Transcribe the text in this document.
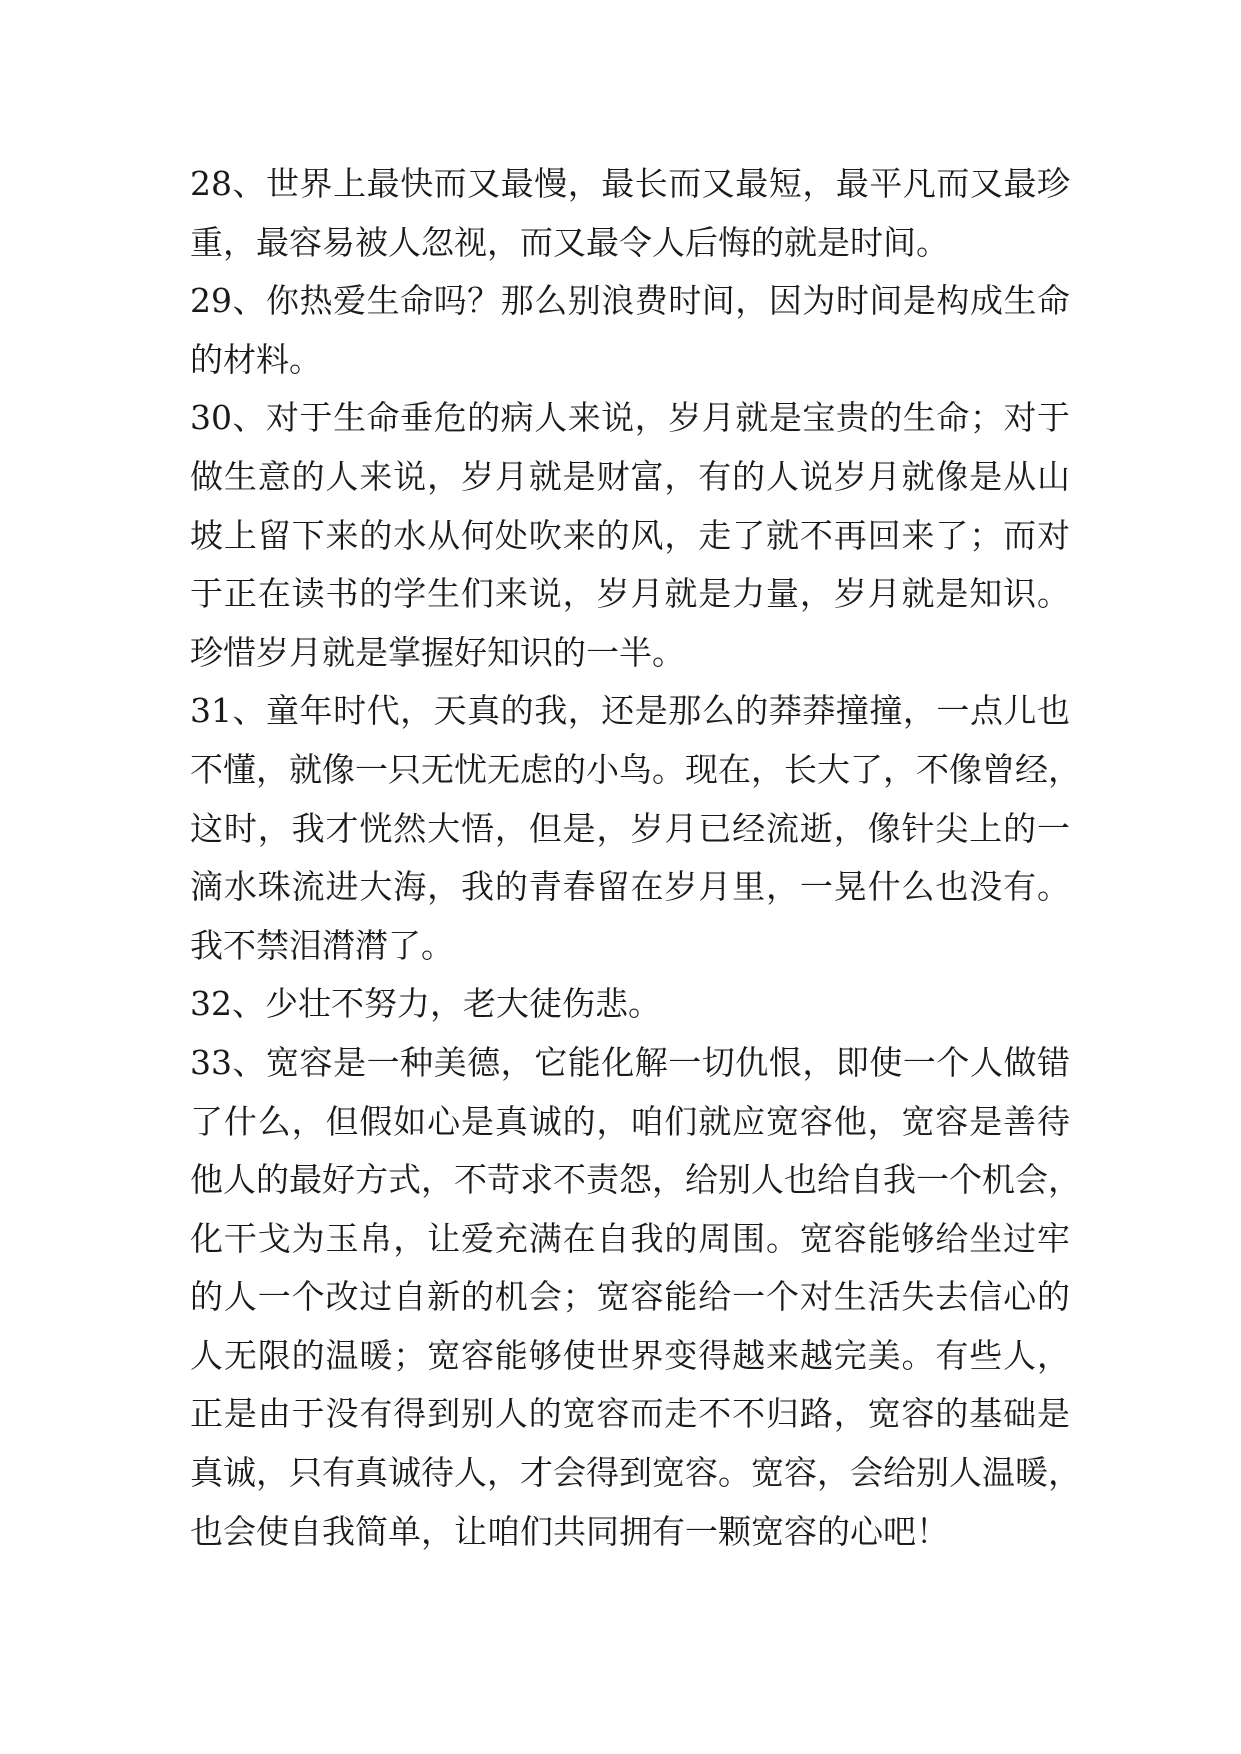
28、世界上最快而又最慢，最长而又最短，最平凡而又最珍
重，最容易被人忽视，而又最令人后悔的就是时间。
29、你热爱生命吗？那么别浪费时间，因为时间是构成生命
的材料。
30、对于生命垂危的病人来说，岁月就是宝贵的生命；对于
做生意的人来说，岁月就是财富，有的人说岁月就像是从山
坡上留下来的水从何处吹来的风，走了就不再回来了；而对
于正在读书的学生们来说，岁月就是力量，岁月就是知识。
珍惜岁月就是掌握好知识的一半。
31、童年时代，天真的我，还是那么的莽莽撞撞，一点儿也
不懂，就像一只无忧无虑的小鸟。现在，长大了，不像曾经，
这时，我才恍然大悟，但是，岁月已经流逝，像针尖上的一
滴水珠流进大海，我的青春留在岁月里，一晃什么也没有。
我不禁泪潸潸了。
32、少壮不努力，老大徒伤悲。
33、宽容是一种美德，它能化解一切仇恨，即使一个人做错
了什么，但假如心是真诚的，咱们就应宽容他，宽容是善待
他人的最好方式，不苛求不责怨，给别人也给自我一个机会，
化干戈为玉帛，让爱充满在自我的周围。宽容能够给坐过牢
的人一个改过自新的机会；宽容能给一个对生活失去信心的
人无限的温暖；宽容能够使世界变得越来越完美。有些人，
正是由于没有得到别人的宽容而走不不归路，宽容的基础是
真诚，只有真诚待人，才会得到宽容。宽容，会给别人温暖，
也会使自我简单，让咱们共同拥有一颗宽容的心吧！
